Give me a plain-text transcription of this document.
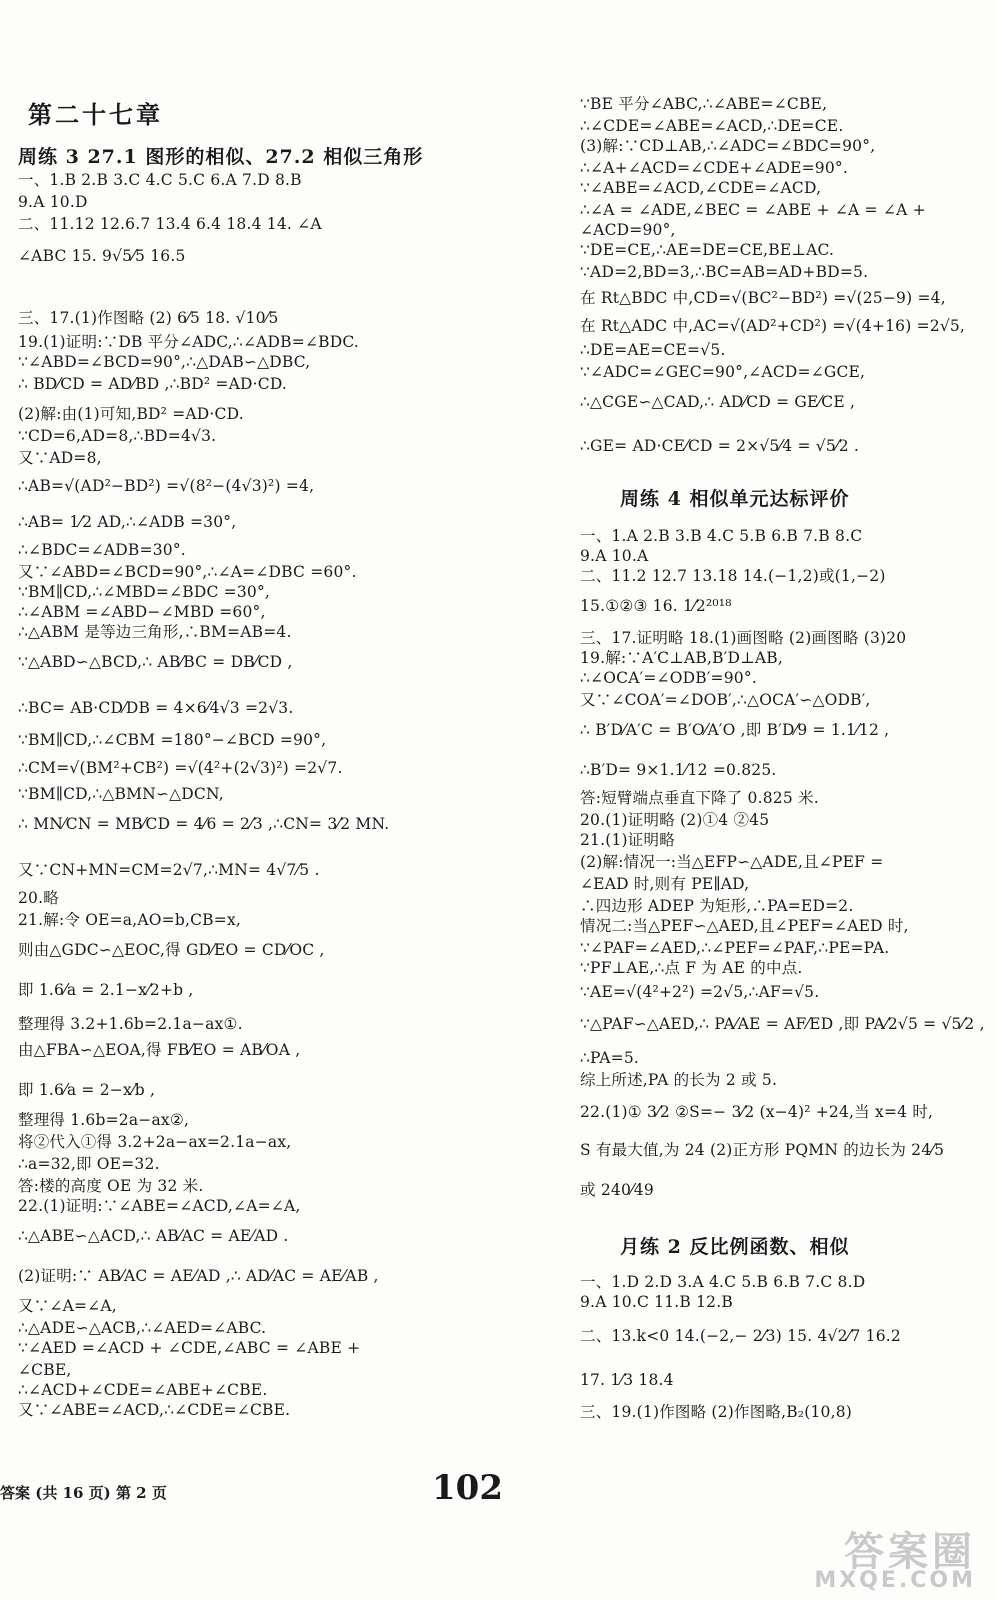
第二十七章
周练 3 27.1 图形的相似、27.2 相似三角形
一、1.B 2.B 3.C 4.C 5.C 6.A 7.D 8.B
9.A 10.D
二、11.12 12.6.7 13.4 6.4 18.4 14. ∠A
∠ABC 15. 9√5⁄5 16.5
三、17.(1)作图略 (2) 6⁄5 18. √10⁄5
19.(1)证明:∵DB 平分∠ADC,∴∠ADB=∠BDC.
∵∠ABD=∠BCD=90°,∴△DAB∽△DBC,
∴ BD⁄CD = AD⁄BD ,∴BD² =AD·CD.
(2)解:由(1)可知,BD² =AD·CD.
∵CD=6,AD=8,∴BD=4√3.
又∵AD=8,
∴AB=√(AD²−BD²) =√(8²−(4√3)²) =4,
∴AB= 1⁄2 AD,∴∠ADB =30°,
∴∠BDC=∠ADB=30°.
又∵∠ABD=∠BCD=90°,∴∠A=∠DBC =60°.
∵BM∥CD,∴∠MBD=∠BDC =30°,
∴∠ABM =∠ABD−∠MBD =60°,
∴△ABM 是等边三角形,∴BM=AB=4.
∵△ABD∽△BCD,∴ AB⁄BC = DB⁄CD ,
∴BC= AB·CD⁄DB = 4×6⁄4√3 =2√3.
∵BM∥CD,∴∠CBM =180°−∠BCD =90°,
∴CM=√(BM²+CB²) =√(4²+(2√3)²) =2√7.
∵BM∥CD,∴△BMN∽△DCN,
∴ MN⁄CN = MB⁄CD = 4⁄6 = 2⁄3 ,∴CN= 3⁄2 MN.
又∵CN+MN=CM=2√7,∴MN= 4√7⁄5 .
20.略
21.解:令 OE=a,AO=b,CB=x,
则由△GDC∽△EOC,得 GD⁄EO = CD⁄OC ,
即 1.6⁄a = 2.1−x⁄2+b ,
整理得 3.2+1.6b=2.1a−ax①.
由△FBA∽△EOA,得 FB⁄EO = AB⁄OA ,
即 1.6⁄a = 2−x⁄b ,
整理得 1.6b=2a−ax②,
将②代入①得 3.2+2a−ax=2.1a−ax,
∴a=32,即 OE=32.
答:楼的高度 OE 为 32 米.
22.(1)证明:∵∠ABE=∠ACD,∠A=∠A,
∴△ABE∽△ACD,∴ AB⁄AC = AE⁄AD .
(2)证明:∵ AB⁄AC = AE⁄AD ,∴ AD⁄AC = AE⁄AB ,
又∵∠A=∠A,
∴△ADE∽△ACB,∴∠AED=∠ABC.
∵∠AED =∠ACD + ∠CDE,∠ABC = ∠ABE +
∠CBE,
∴∠ACD+∠CDE=∠ABE+∠CBE.
又∵∠ABE=∠ACD,∴∠CDE=∠CBE.
∵BE 平分∠ABC,∴∠ABE=∠CBE,
∴∠CDE=∠ABE=∠ACD,∴DE=CE.
(3)解:∵CD⊥AB,∴∠ADC=∠BDC=90°,
∴∠A+∠ACD=∠CDE+∠ADE=90°.
∵∠ABE=∠ACD,∠CDE=∠ACD,
∴∠A = ∠ADE,∠BEC = ∠ABE + ∠A = ∠A +
∠ACD=90°,
∵DE=CE,∴AE=DE=CE,BE⊥AC.
∵AD=2,BD=3,∴BC=AB=AD+BD=5.
在 Rt△BDC 中,CD=√(BC²−BD²) =√(25−9) =4,
在 Rt△ADC 中,AC=√(AD²+CD²) =√(4+16) =2√5,
∴DE=AE=CE=√5.
∵∠ADC=∠GEC=90°,∠ACD=∠GCE,
∴△CGE∽△CAD,∴ AD⁄CD = GE⁄CE ,
∴GE= AD·CE⁄CD = 2×√5⁄4 = √5⁄2 .
周练 4 相似单元达标评价
一、1.A 2.B 3.B 4.C 5.B 6.B 7.B 8.C
9.A 10.A
二、11.2 12.7 13.18 14.(−1,2)或(1,−2)
15.①②③ 16. 1⁄2²⁰¹⁸
三、17.证明略 18.(1)画图略 (2)画图略 (3)20
19.解:∵A′C⊥AB,B′D⊥AB,
∴∠OCA′=∠ODB′=90°.
又∵∠COA′=∠DOB′,∴△OCA′∽△ODB′,
∴ B′D⁄A′C = B′O⁄A′O ,即 B′D⁄9 = 1.1⁄12 ,
∴B′D= 9×1.1⁄12 =0.825.
答:短臂端点垂直下降了 0.825 米.
20.(1)证明略 (2)①4 ②45
21.(1)证明略
(2)解:情况一:当△EFP∽△ADE,且∠PEF =
∠EAD 时,则有 PE∥AD,
∴四边形 ADEP 为矩形,∴PA=ED=2.
情况二:当△PEF∽△AED,且∠PEF=∠AED 时,
∵∠PAF=∠AED,∴∠PEF=∠PAF,∴PE=PA.
∵PF⊥AE,∴点 F 为 AE 的中点.
∵AE=√(4²+2²) =2√5,∴AF=√5.
∵△PAF∽△AED,∴ PA⁄AE = AF⁄ED ,即 PA⁄2√5 = √5⁄2 ,
∴PA=5.
综上所述,PA 的长为 2 或 5.
22.(1)① 3⁄2 ②S=− 3⁄2 (x−4)² +24,当 x=4 时,
S 有最大值,为 24 (2)正方形 PQMN 的边长为 24⁄5
或 240⁄49
月练 2 反比例函数、相似
一、1.D 2.D 3.A 4.C 5.B 6.B 7.C 8.D
9.A 10.C 11.B 12.B
二、13.k<0 14.(−2,− 2⁄3) 15. 4√2⁄7 16.2
17. 1⁄3 18.4
三、19.(1)作图略 (2)作图略,B₂(10,8)
答案 (共 16 页) 第 2 页	102
答案圈
MXQE.COM
